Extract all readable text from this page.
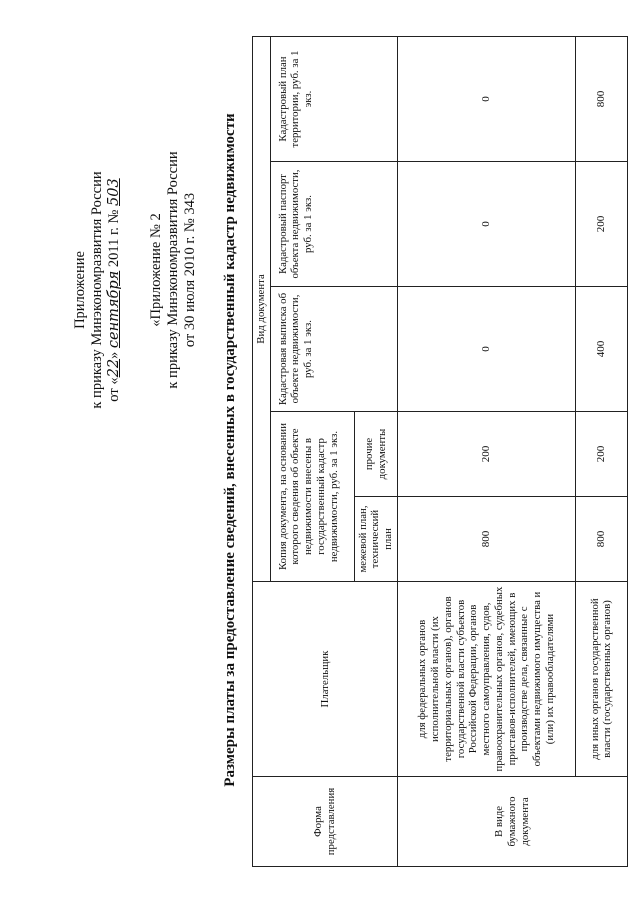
Приложение к приказу Минэкономразвития России от «22» сентября 2011 г. № 503
«Приложение № 2 к приказу Минэкономразвития России от 30 июля 2010 г. № 343 Размеры платы за предоставление сведений, внесенных в государственный кадастр недвижимости
Форма представления	Плательщик	Вид документа				
		Копия документа, на основании которого сведения об объекте недвижимости внесены в государственный кадастр недвижимости, руб. за 1 экз.		Кадастровая выписка об объекте недвижимости, руб. за 1 экз.	Кадастровый паспорт объекта недвижимости, руб. за 1 экз.	Кадастровый план территории, руб. за 1 экз.
		межевой план, технический план	прочие документы			
В виде бумажного документа	для федеральных органов исполнительной власти (их территориальных органов), органов государственной власти субъектов Российской Федерации, органов местного самоуправления, судов, правоохранительных органов, судебных приставов-исполнителей, имеющих в производстве дела, связанные с объектами недвижимого имущества и (или) их правообладателями	800	200	0	0	0
	для иных органов государственной власти (государственных органов)	800	200	400	200	800
